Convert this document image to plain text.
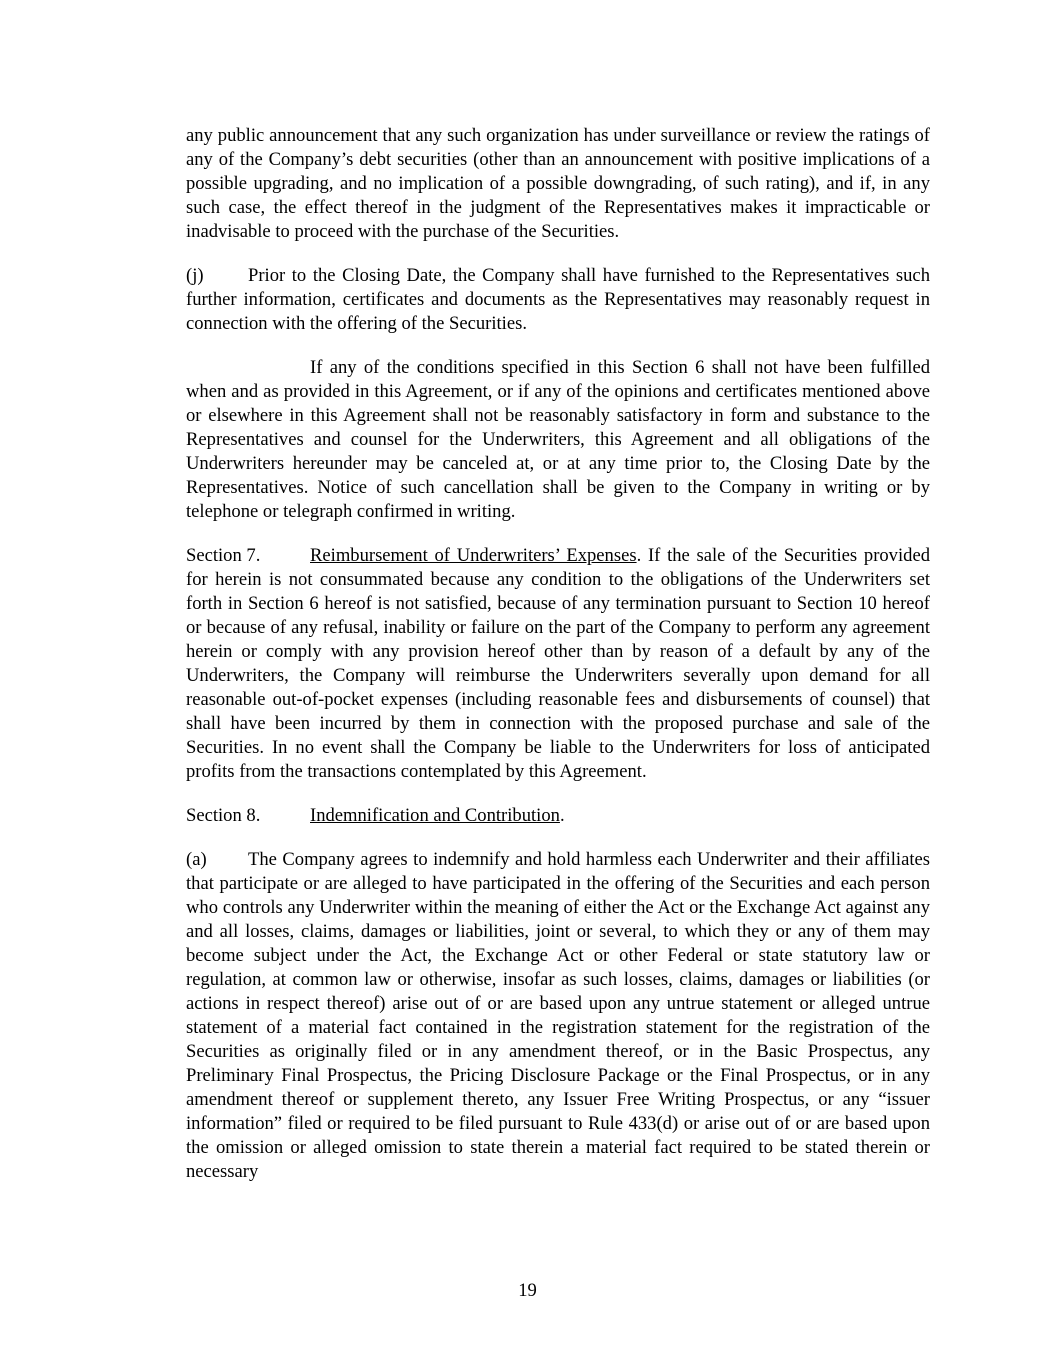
any public announcement that any such organization has under surveillance or review the ratings of any of the Company’s debt securities (other than an announcement with positive implications of a possible upgrading, and no implication of a possible downgrading, of such rating), and if, in any such case, the effect thereof in the judgment of the Representatives makes it impracticable or inadvisable to proceed with the purchase of the Securities.

(j) Prior to the Closing Date, the Company shall have furnished to the Representatives such further information, certificates and documents as the Representatives may reasonably request in connection with the offering of the Securities.

If any of the conditions specified in this Section 6 shall not have been fulfilled when and as provided in this Agreement, or if any of the opinions and certificates mentioned above or elsewhere in this Agreement shall not be reasonably satisfactory in form and substance to the Representatives and counsel for the Underwriters, this Agreement and all obligations of the Underwriters hereunder may be canceled at, or at any time prior to, the Closing Date by the Representatives. Notice of such cancellation shall be given to the Company in writing or by telephone or telegraph confirmed in writing.

Section 7.	Reimbursement of Underwriters’ Expenses. If the sale of the Securities provided for herein is not consummated because any condition to the obligations of the Underwriters set forth in Section 6 hereof is not satisfied, because of any termination pursuant to Section 10 hereof or because of any refusal, inability or failure on the part of the Company to perform any agreement herein or comply with any provision hereof other than by reason of a default by any of the Underwriters, the Company will reimburse the Underwriters severally upon demand for all reasonable out-of-pocket expenses (including reasonable fees and disbursements of counsel) that shall have been incurred by them in connection with the proposed purchase and sale of the Securities. In no event shall the Company be liable to the Underwriters for loss of anticipated profits from the transactions contemplated by this Agreement.

Section 8.	Indemnification and Contribution.

(a) The Company agrees to indemnify and hold harmless each Underwriter and their affiliates that participate or are alleged to have participated in the offering of the Securities and each person who controls any Underwriter within the meaning of either the Act or the Exchange Act against any and all losses, claims, damages or liabilities, joint or several, to which they or any of them may become subject under the Act, the Exchange Act or other Federal or state statutory law or regulation, at common law or otherwise, insofar as such losses, claims, damages or liabilities (or actions in respect thereof) arise out of or are based upon any untrue statement or alleged untrue statement of a material fact contained in the registration statement for the registration of the Securities as originally filed or in any amendment thereof, or in the Basic Prospectus, any Preliminary Final Prospectus, the Pricing Disclosure Package or the Final Prospectus, or in any amendment thereof or supplement thereto, any Issuer Free Writing Prospectus, or any “issuer information” filed or required to be filed pursuant to Rule 433(d) or arise out of or are based upon the omission or alleged omission to state therein a material fact required to be stated therein or necessary

19
